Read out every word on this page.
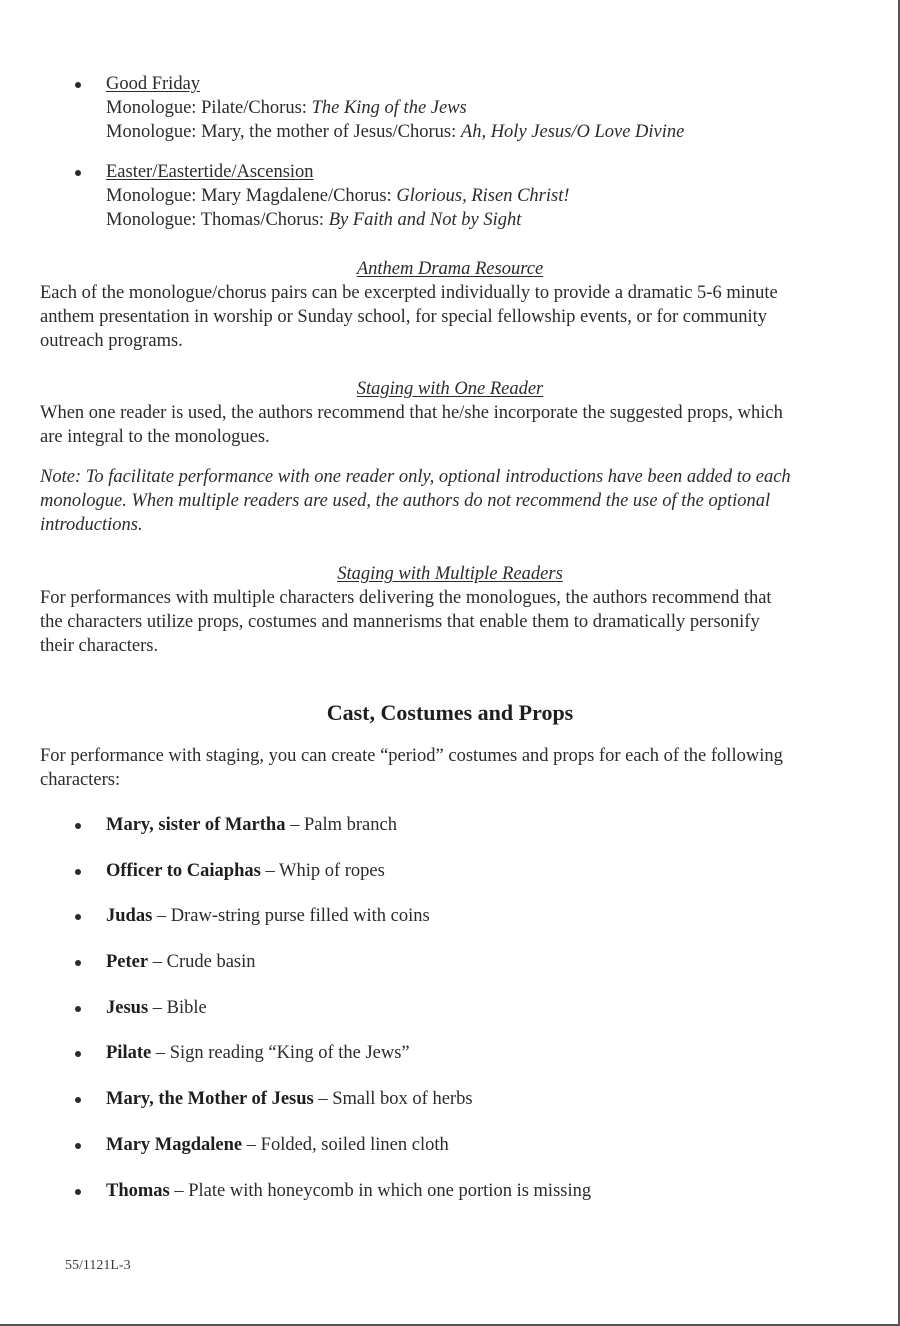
Good Friday
Monologue: Pilate/Chorus: The King of the Jews
Monologue: Mary, the mother of Jesus/Chorus: Ah, Holy Jesus/O Love Divine
Easter/Eastertide/Ascension
Monologue: Mary Magdalene/Chorus: Glorious, Risen Christ!
Monologue: Thomas/Chorus: By Faith and Not by Sight
Anthem Drama Resource
Each of the monologue/chorus pairs can be excerpted individually to provide a dramatic 5-6 minute
anthem presentation in worship or Sunday school, for special fellowship events, or for community
outreach programs.
Staging with One Reader
When one reader is used, the authors recommend that he/she incorporate the suggested props, which
are integral to the monologues.
Note: To facilitate performance with one reader only, optional introductions have been added to each
monologue. When multiple readers are used, the authors do not recommend the use of the optional
introductions.
Staging with Multiple Readers
For performances with multiple characters delivering the monologues, the authors recommend that
the characters utilize props, costumes and mannerisms that enable them to dramatically personify
their characters.
Cast, Costumes and Props
For performance with staging, you can create “period” costumes and props for each of the following
characters:
Mary, sister of Martha – Palm branch
Officer to Caiaphas – Whip of ropes
Judas – Draw-string purse filled with coins
Peter – Crude basin
Jesus – Bible
Pilate – Sign reading “King of the Jews”
Mary, the Mother of Jesus – Small box of herbs
Mary Magdalene – Folded, soiled linen cloth
Thomas – Plate with honeycomb in which one portion is missing
55/1121L-3
